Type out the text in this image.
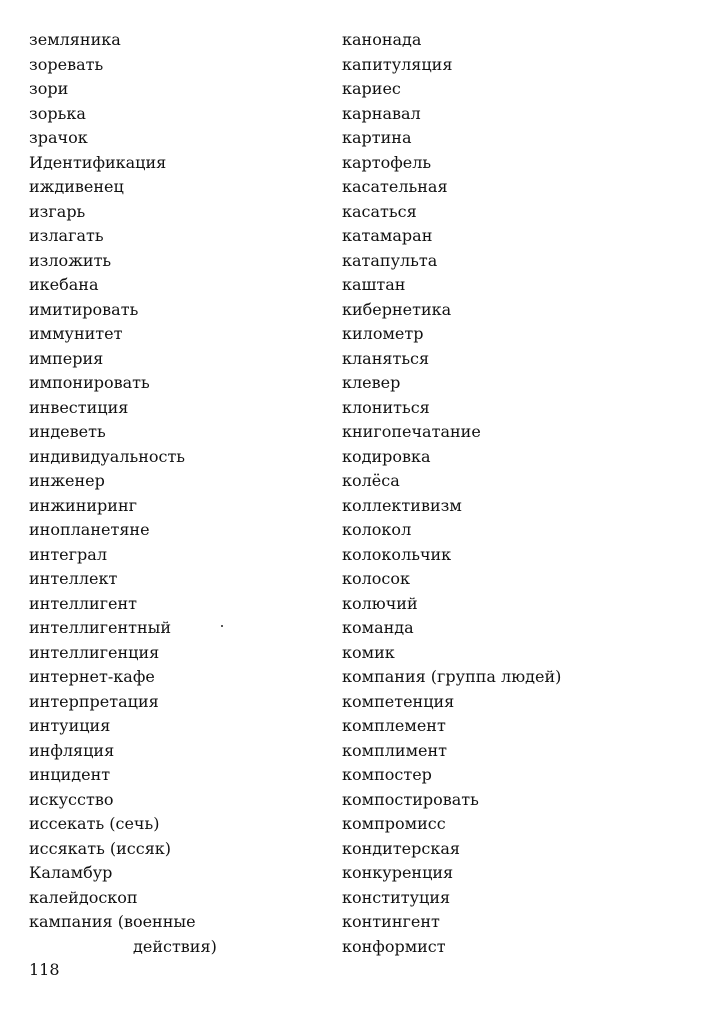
земляника
зоревать
зори
зорька
зрачок
Идентификация
иждивенец
изгарь
излагать
изложить
икебана
имитировать
иммунитет
империя
импонировать
инвестиция
индеветь
индивидуальность
инженер
инжиниринг
инопланетяне
интеграл
интеллект
интеллигент
интеллигентный
интеллигенция
интернет-кафе
интерпретация
интуиция
инфляция
инцидент
искусство
иссекать (сечь)
иссякать (иссяк)
Каламбур
калейдоскоп
кампания (военные
действия)
канонада
капитуляция
кариес
карнавал
картина
картофель
касательная
касаться
катамаран
катапульта
каштан
кибернетика
километр
кланяться
клевер
клониться
книгопечатание
кодировка
колёса
коллективизм
колокол
колокольчик
колосок
колючий
команда
комик
компания (группа людей)
компетенция
комплемент
комплимент
компостер
компостировать
компромисс
кондитерская
конкуренция
конституция
контингент
конформист
118
